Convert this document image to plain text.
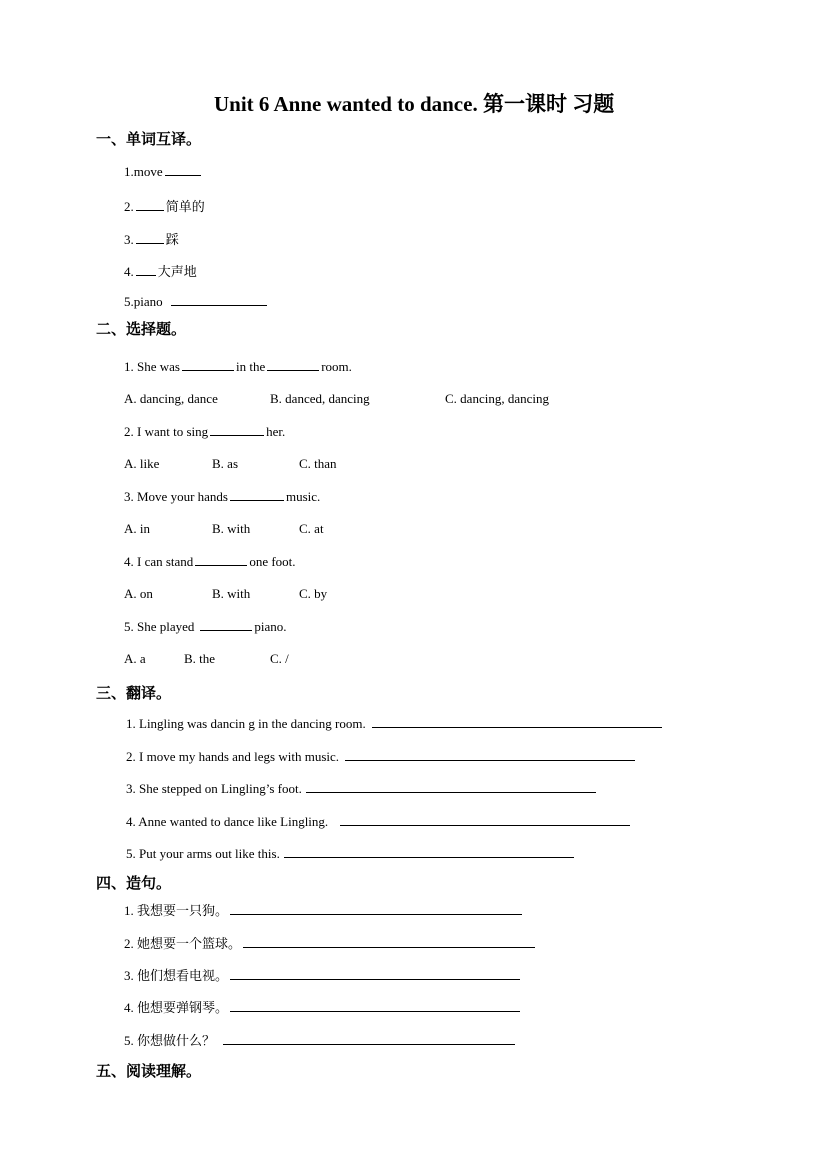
Unit 6 Anne wanted to dance. 第一课时 习题
一、单词互译。
1.move
2. 简单的
3. 踩
4. 大声地
5.piano
二、选择题。
1. She was	in the	room.
A. dancing, dance	B. danced, dancing	C. dancing, dancing
2. I want to sing	her.
A. like	B. as	C. than
3. Move your hands	music.
A. in	B. with	C. at
4. I can stand	one foot.
A. on	B. with	C. by
5. She played	piano.
A. a	B. the	C. /
三、翻译。
1. Lingling was dancin g in the dancing room.
2. I move my hands and legs with music.
3. She stepped on Lingling’s foot.
4. Anne wanted to dance like Lingling.
5. Put your arms out like this.
四、造句。
1. 我想要一只狗。
2. 她想要一个篮球。
3. 他们想看电视。
4. 他想要弹钢琴。
5. 你想做什么？
五、阅读理解。
